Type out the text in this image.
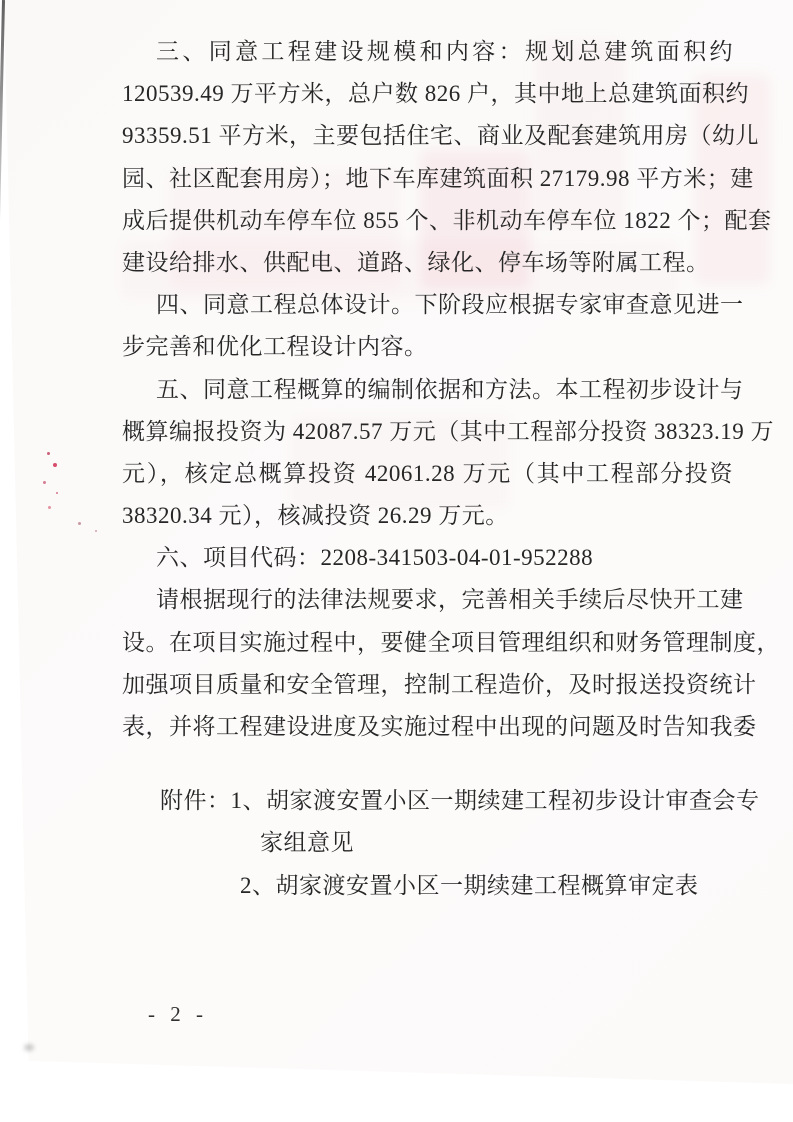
三、同意工程建设规模和内容：规划总建筑面积约
120539.49 万平方米，总户数 826 户，其中地上总建筑面积约
93359.51 平方米，主要包括住宅、商业及配套建筑用房（幼儿
园、社区配套用房）；地下车库建筑面积 27179.98 平方米；建
成后提供机动车停车位 855 个、非机动车停车位 1822 个；配套
建设给排水、供配电、道路、绿化、停车场等附属工程。
四、同意工程总体设计。下阶段应根据专家审查意见进一
步完善和优化工程设计内容。
五、同意工程概算的编制依据和方法。本工程初步设计与
概算编报投资为 42087.57 万元（其中工程部分投资 38323.19 万
元），核定总概算投资 42061.28 万元（其中工程部分投资
38320.34 元），核减投资 26.29 万元。
六、项目代码：2208-341503-04-01-952288
请根据现行的法律法规要求，完善相关手续后尽快开工建
设。在项目实施过程中，要健全项目管理组织和财务管理制度，
加强项目质量和安全管理，控制工程造价，及时报送投资统计
表，并将工程建设进度及实施过程中出现的问题及时告知我委
附件：1、胡家渡安置小区一期续建工程初步设计审查会专
家组意见
2、胡家渡安置小区一期续建工程概算审定表
- 2 -
